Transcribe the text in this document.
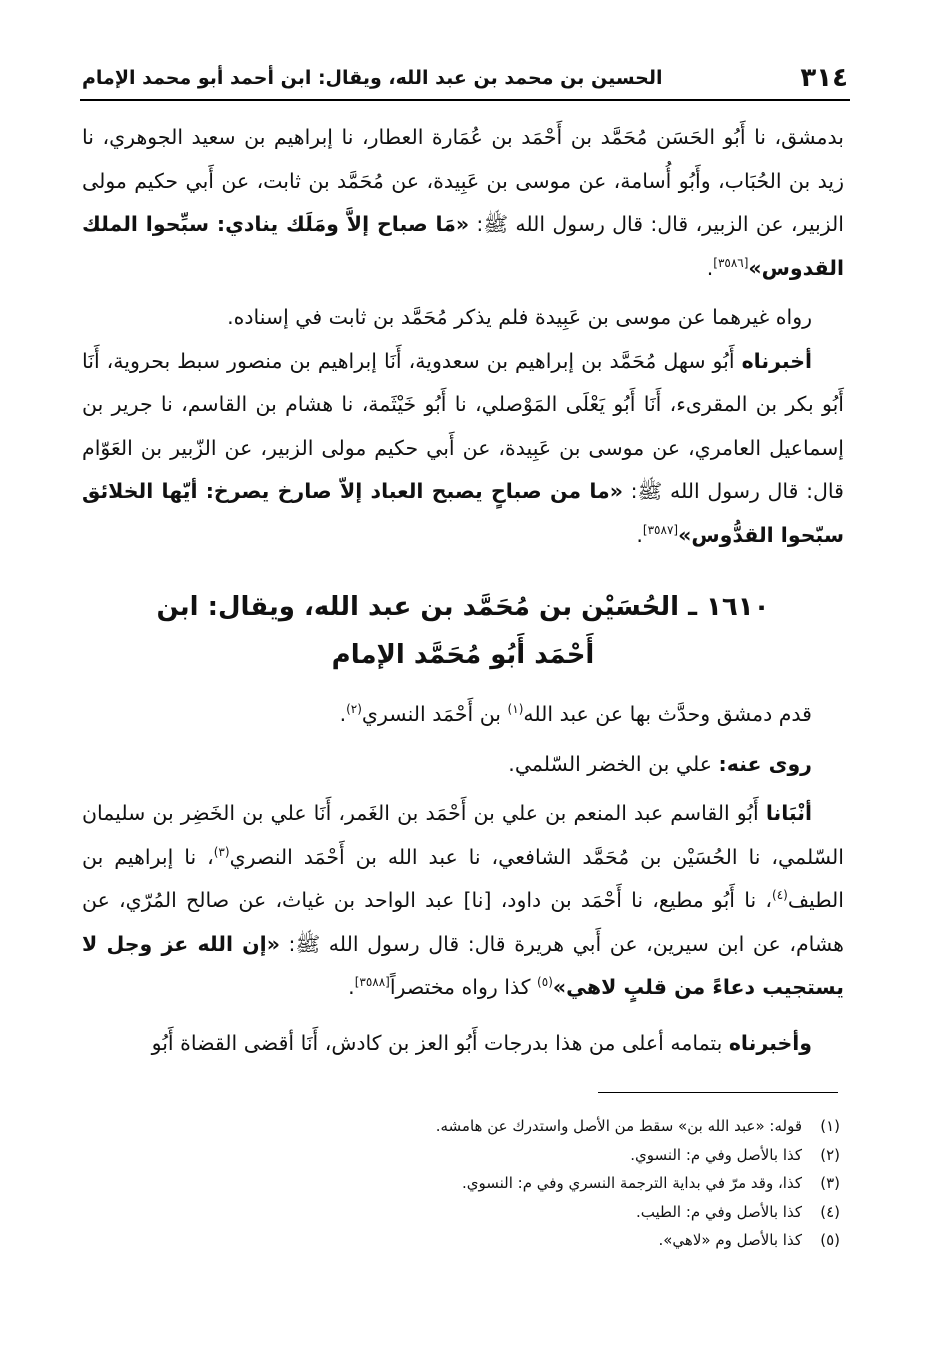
٣١٤
الحسين بن محمد بن عبد الله، ويقال: ابن أحمد أبو محمد الإمام

بدمشق، نا أَبُو الحَسَن مُحَمَّد بن أَحْمَد بن عُمَارة العطار، نا إبراهيم بن سعيد الجوهري، نا زيد بن الحُبَاب، وأَبُو أُسامة، عن موسى بن عَبِيدة، عن مُحَمَّد بن ثابت، عن أَبي حكيم مولى الزبير، عن الزبير، قال: قال رسول الله ﷺ: «مَا صباح إلاَّ ومَلَك ينادي: سبِّحوا الملك القدوس»[٣٥٨٦].

رواه غيرهما عن موسى بن عَبِيدة فلم يذكر مُحَمَّد بن ثابت في إسناده.

أخبرناه أَبُو سهل مُحَمَّد بن إبراهيم بن سعدوية، أَنَا إبراهيم بن منصور سبط بحروية، أَنَا أَبُو بكر بن المقرىء، أَنَا أَبُو يَعْلَى المَوْصلي، نا أَبُو خَيْثَمة، نا هشام بن القاسم، نا جرير بن إسماعيل العامري، عن موسى بن عَبِيدة، عن أَبي حكيم مولى الزبير، عن الزّبير بن العَوّام قال: قال رسول الله ﷺ: «ما من صباحٍ يصبح العباد إلاّ صارخ يصرخ: أيّها الخلائق سبّحوا القدُّوس»[٣٥٨٧].

١٦١٠ ـ الحُسَيْن بن مُحَمَّد بن عبد الله، ويقال: ابن أَحْمَد أَبُو مُحَمَّد الإمام

قدم دمشق وحدَّث بها عن عبد الله$^{(١)}$ بن أَحْمَد النسري$^{(٢)}$.

روى عنه: علي بن الخضر السّلمي.

أنْبَانا أَبُو القاسم عبد المنعم بن علي بن أَحْمَد بن الغَمر، أَنَا علي بن الخَضِر بن سليمان السّلمي، نا الحُسَيْن بن مُحَمَّد الشافعي، نا عبد الله بن أَحْمَد النصري$^{(٣)}$، نا إبراهيم بن الطيف$^{(٤)}$، نا أَبُو مطيع، نا أَحْمَد بن داود، [نا] عبد الواحد بن غياث، عن صالح المُرّي، عن هشام، عن ابن سيرين، عن أَبي هريرة قال: قال رسول الله ﷺ: «إن الله عز وجل لا يستجيب دعاءً من قلبٍ لاهي»$^{(٥)}$ كذا رواه مختصراً[٣٥٨٨].

وأخبرناه بتمامه أعلى من هذا بدرجات أَبُو العز بن كادش، أَنَا أقضى القضاة أَبُو

(١)قوله: «عبد الله بن» سقط من الأصل واستدرك عن هامشه.
(٢)كذا بالأصل وفي م: النسوي.
(٣)كذا، وقد مرّ في بداية الترجمة النسري وفي م: النسوي.
(٤)كذا بالأصل وفي م: الطيب.
(٥)كذا بالأصل وم «لاهي».
